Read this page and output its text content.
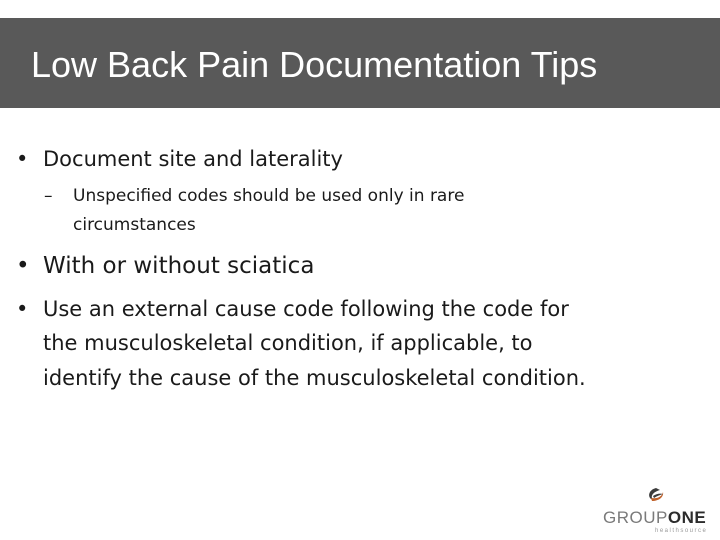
Low Back Pain Documentation Tips
• Document site and laterality
– Unspecified codes should be used only in rare
circumstances
• With or without sciatica
• Use an external cause code following the code for
the musculoskeletal condition, if applicable, to
identify the cause of the musculoskeletal condition.
GROUPONE
healthsource
